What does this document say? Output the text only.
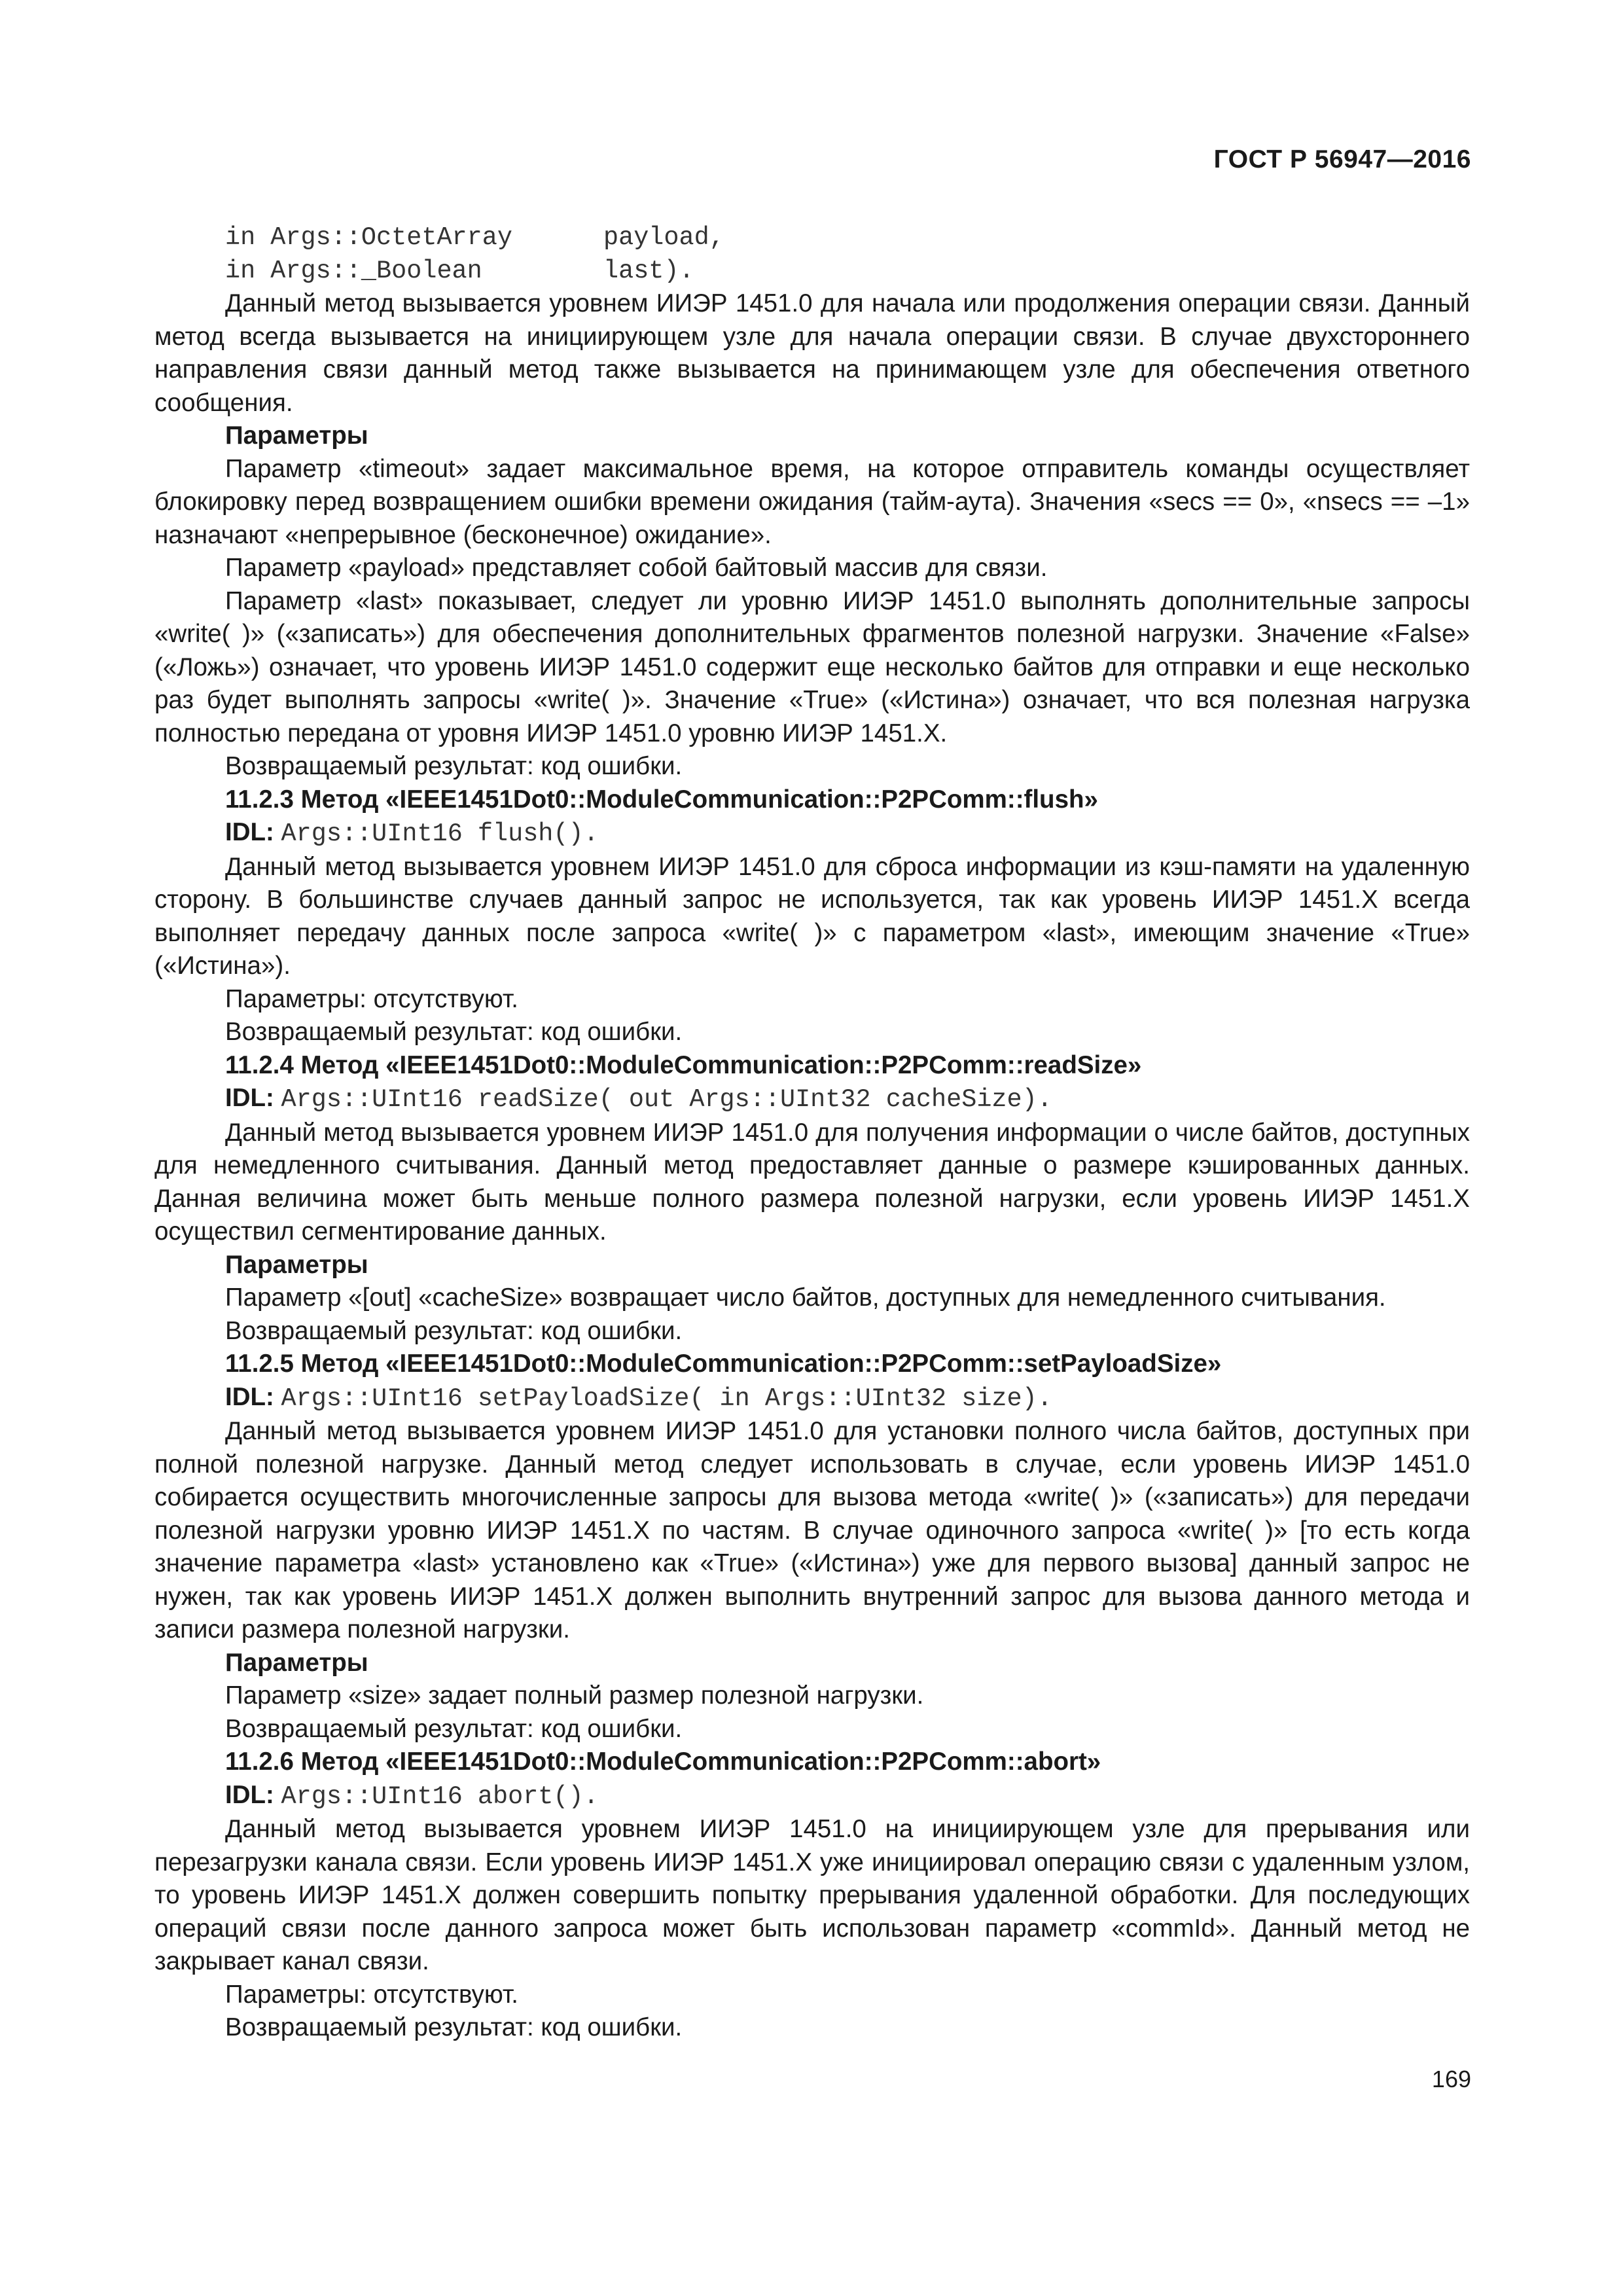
ГОСТ Р 56947—2016
in Args::OctetArray	payload,
in Args::_Boolean	last).

Данный метод вызывается уровнем ИИЭР 1451.0 для начала или продолжения операции связи. Данный метод всегда вызывается на инициирующем узле для начала операции связи. В случае двухстороннего направления связи данный метод также вызывается на принимающем узле для обеспечения ответного сообщения.

Параметры

Параметр «timeout» задает максимальное время, на которое отправитель команды осуществляет блокировку перед возвращением ошибки времени ожидания (тайм-аута). Значения «secs == 0», «nsecs == –1» назначают «непрерывное (бесконечное) ожидание».

Параметр «payload» представляет собой байтовый массив для связи.

Параметр «last» показывает, следует ли уровню ИИЭР 1451.0 выполнять дополнительные запросы «write( )» («записать») для обеспечения дополнительных фрагментов полезной нагрузки. Значение «False» («Ложь») означает, что уровень ИИЭР 1451.0 содержит еще несколько байтов для отправки и еще несколько раз будет выполнять запросы «write( )». Значение «True» («Истина») означает, что вся полезная нагрузка полностью передана от уровня ИИЭР 1451.0 уровню ИИЭР 1451.X.

Возвращаемый результат: код ошибки.

11.2.3 Метод «IEEE1451Dot0::ModuleCommunication::P2PComm::flush»

IDL: Args::UInt16 flush().

Данный метод вызывается уровнем ИИЭР 1451.0 для сброса информации из кэш-памяти на удаленную сторону. В большинстве случаев данный запрос не используется, так как уровень ИИЭР 1451.X всегда выполняет передачу данных после запроса «write( )» с параметром «last», имеющим значение «True» («Истина»).

Параметры: отсутствуют.

Возвращаемый результат: код ошибки.

11.2.4 Метод «IEEE1451Dot0::ModuleCommunication::P2PComm::readSize»

IDL: Args::UInt16 readSize( out Args::UInt32 cacheSize).

Данный метод вызывается уровнем ИИЭР 1451.0 для получения информации о числе байтов, доступных для немедленного считывания. Данный метод предоставляет данные о размере кэшированных данных. Данная величина может быть меньше полного размера полезной нагрузки, если уровень ИИЭР 1451.X осуществил сегментирование данных.

Параметры

Параметр «[out] «cacheSize» возвращает число байтов, доступных для немедленного считывания.

Возвращаемый результат: код ошибки.

11.2.5 Метод «IEEE1451Dot0::ModuleCommunication::P2PComm::setPayloadSize»

IDL: Args::UInt16 setPayloadSize( in Args::UInt32 size).

Данный метод вызывается уровнем ИИЭР 1451.0 для установки полного числа байтов, доступных при полной полезной нагрузке. Данный метод следует использовать в случае, если уровень ИИЭР 1451.0 собирается осуществить многочисленные запросы для вызова метода «write( )» («записать») для передачи полезной нагрузки уровню ИИЭР 1451.X по частям. В случае одиночного запроса «write( )» [то есть когда значение параметра «last» установлено как «True» («Истина») уже для первого вызова] данный запрос не нужен, так как уровень ИИЭР 1451.X должен выполнить внутренний запрос для вызова данного метода и записи размера полезной нагрузки.

Параметры

Параметр «size» задает полный размер полезной нагрузки.

Возвращаемый результат: код ошибки.

11.2.6 Метод «IEEE1451Dot0::ModuleCommunication::P2PComm::abort»

IDL: Args::UInt16 abort().

Данный метод вызывается уровнем ИИЭР 1451.0 на инициирующем узле для прерывания или перезагрузки канала связи. Если уровень ИИЭР 1451.X уже инициировал операцию связи с удаленным узлом, то уровень ИИЭР 1451.X должен совершить попытку прерывания удаленной обработки. Для последующих операций связи после данного запроса может быть использован параметр «commId». Данный метод не закрывает канал связи.

Параметры: отсутствуют.

Возвращаемый результат: код ошибки.

169
